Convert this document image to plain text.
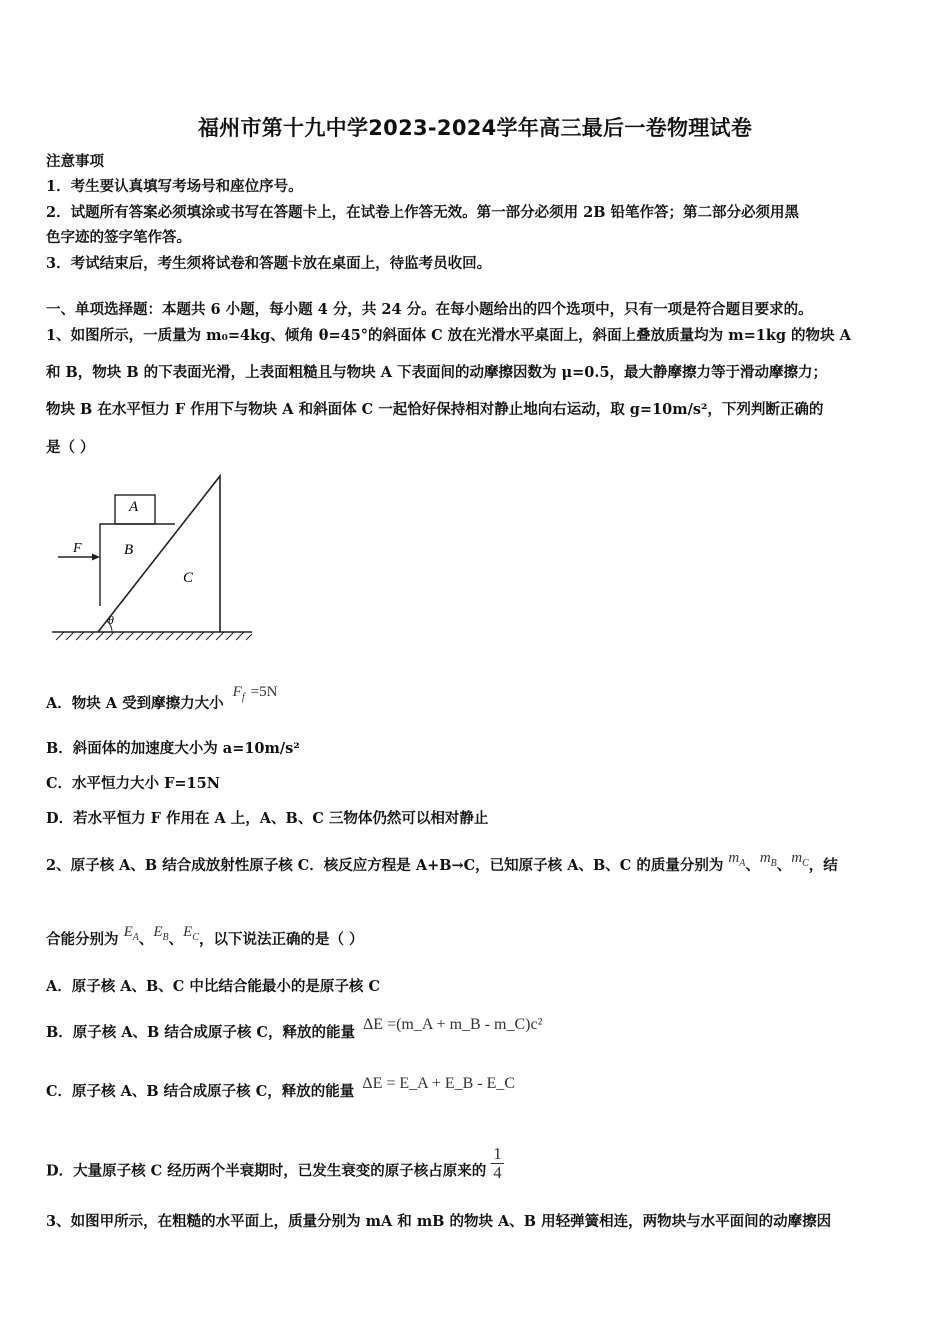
福州市第十九中学2023-2024学年高三最后一卷物理试卷
注意事项
1．考生要认真填写考场号和座位序号。
2．试题所有答案必须填涂或书写在答题卡上，在试卷上作答无效。第一部分必须用 2B 铅笔作答；第二部分必须用黑
色字迹的签字笔作答。
3．考试结束后，考生须将试卷和答题卡放在桌面上，待监考员收回。
一、单项选择题：本题共 6 小题，每小题 4 分，共 24 分。在每小题给出的四个选项中，只有一项是符合题目要求的。
1、如图所示，一质量为 m₀=4kg、倾角 θ=45°的斜面体 C 放在光滑水平桌面上，斜面上叠放质量均为 m=1kg 的物块 A
和 B，物块 B 的下表面光滑，上表面粗糙且与物块 A 下表面间的动摩擦因数为 μ=0.5，最大静摩擦力等于滑动摩擦力；
物块 B 在水平恒力 F 作用下与物块 A 和斜面体 C 一起恰好保持相对静止地向右运动，取 g=10m/s²，下列判断正确的
是（ ）
A
B
C
F
θ
A．物块 A 受到摩擦力大小 $F_f =5N$
B．斜面体的加速度大小为 a=10m/s²
C．水平恒力大小 F=15N
D．若水平恒力 F 作用在 A 上，A、B、C 三物体仍然可以相对静止
2、原子核 A、B 结合成放射性原子核 C．核反应方程是 A+B→C，已知原子核 A、B、C 的质量分别为 $m_A$、$m_B$、$m_C$，结
合能分别为 $E_A$、$E_B$、$E_C$，以下说法正确的是（ ）
A．原子核 A、B、C 中比结合能最小的是原子核 C
B．原子核 A、B 结合成原子核 C，释放的能量 ΔE =(m_A + m_B - m_C)c²
C．原子核 A、B 结合成原子核 C，释放的能量 ΔE = E_A + E_B - E_C
D．大量原子核 C 经历两个半衰期时，已发生衰变的原子核占原来的 $\frac{1}{4}$
3、如图甲所示，在粗糙的水平面上，质量分别为 mA 和 mB 的物块 A、B 用轻弹簧相连，两物块与水平面间的动摩擦因
